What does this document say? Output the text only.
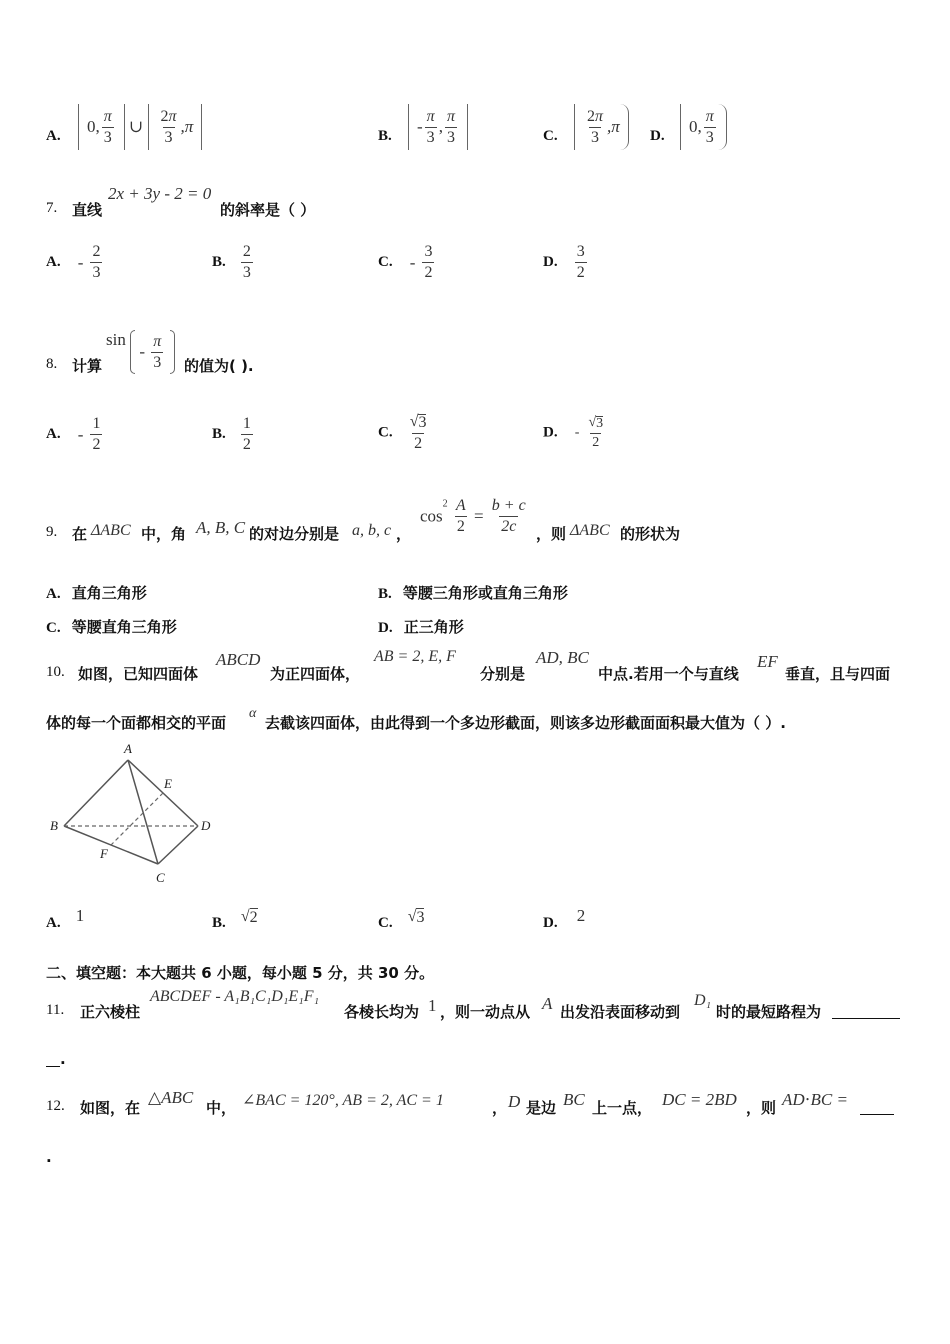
A.	0, $\frac{\pi}{3}$ ∪ $\frac{2\pi}{3} ,\pi$	B.	- $\frac{\pi}{3}$ , $\frac{\pi}{3}$	C. $\frac{2\pi}{3} ,\pi$	D.	0, $\frac{\pi}{3}$
7. 直线
2x + 3y - 2 = 0
的斜率是（ ）
A. - $\frac{2}{3}$	B. $\frac{2}{3}$	C. - $\frac{3}{2}$	D. $\frac{3}{2}$
8. 计算
sin  - $\frac{\pi}{3}$
的值为( ).
A. - $\frac{1}{2}$	B. $\frac{1}{2}$	C. $\frac{√ 3}{2}$	D. - $\frac{√ 3}{2}$
9. 在 ΔABC 中，角 A, B, C 的对边分别是 a, b, c ，
$\cos^2 \frac{A}{2} = \frac{b + c}{2c}$ ，则 ΔABC 的形状为
A. 直角三角形	B. 等腰三角形或直角三角形
C. 等腰直角三角形	D. 正三角形
10. 如图，已知四面体
ABCD
为正四面体，
AB = 2, E, F
分别是
AD, BC
中点.若用一个与直线
EF
垂直，且与四面
体的每一个面都相交的平面
α
去截该四面体，由此得到一个多边形截面，则该多边形截面面积最大值为（ ）.
A
B
C
D
E
F
A. 1	B. √ 2	C. √ 3	D. 2
二、填空题：本大题共 6 小题，每小题 5 分，共 30 分。
11. 正六棱柱
ABCDEF - A₁B₁C₁D₁E₁F₁
各棱长均为 1 ，则一动点从 A 出发沿表面移动到
D₁
时的最短路程为
.
12. 如图，在
△ABC
中， ∠BAC = 120°, AB = 2, AC = 1	， D 是边 BC 上一点， DC = 2BD ，则 AD⋅BC =
.
